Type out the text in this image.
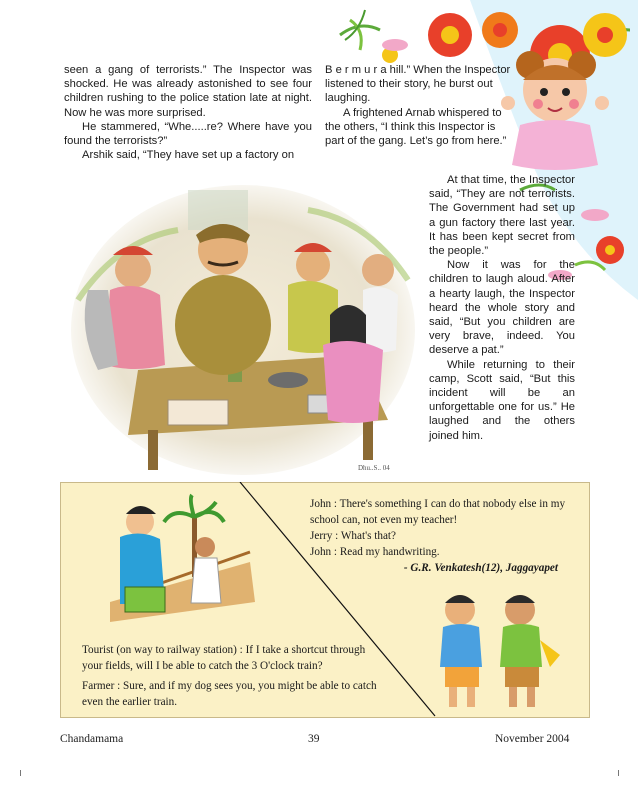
seen a gang of terrorists.” The Inspector was shocked. He was already astonished to see four children rushing to the police station late at night. Now he was more surprised.

He stammered, “Whe.....re? Where have you found the terrorists?”

Arshik said, “They have set up a factory on

B e r m u r a hill.” When the Inspector listened to their story, he burst out laughing.

A frightened Arnab whispered to the others, “I think this Inspector is part of the gang. Let’s go from here.”

At that time, the Inspector said, “They are not terrorists. The Government had set up a gun factory there last year. It has been kept secret from the people.”

Now it was for the children to laugh aloud. After a hearty laugh, the Inspector heard the whole story and said, “But you children are very brave, indeed. You deserve a pat.”

While returning to their camp, Scott said, “But this incident will be an unforgettable one for us.” He laughed and the others joined him.

Dhu..S.. 04

John : There's something I can do that nobody else in my school can, not even my teacher!

Jerry : What's that?

John : Read my handwriting.

- G.R. Venkatesh(12), Jaggayapet

Tourist (on way to railway station) : If I take a shortcut through your fields, will I be able to catch the 3 O'clock train?

Farmer : Sure, and if my dog sees you, you might be able to catch even the earlier train.

Chandamama	39	November 2004
